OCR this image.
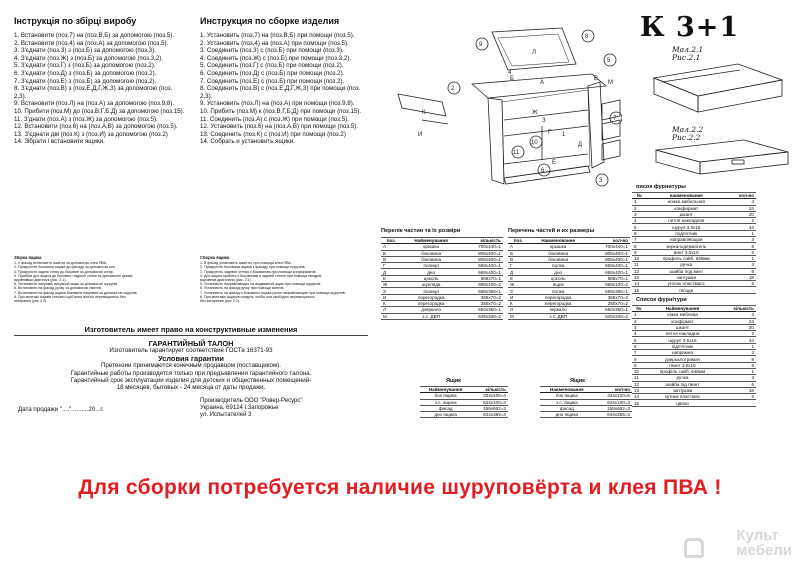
Інструкція по збірці виробу
1. Встановити (поз.7) на (поз.В,Б) за допомогою (поз.5).
2. Встановити (поз.4) на (поз.А) за допомогою (поз.5).
3. З'єднати (поз.З) з (поз.Б) за допомогою (поз.3).
4. З'єднати (поз.Ж) з (поз.Б) за допомогою (поз.3,2).
5. З'єднати (поз.Г) з (поз.Б) за допомогою (поз.2).
6. З'єднати (поз.Д) з (поз.Б) за допомогою (поз.2).
7. З'єднати (поз.Е) з (поз.Б) за допомогою (поз.2).
8. З'єднати (поз.В) з (поз.Е,Д,Г,Ж,З) за допомогою (поз.
2,3).
9. Встановити (поз.Л) на (поз.А) за допомогою (поз.9,8).
10. Прибити (поз.М) до (поз.В,Г,Б,Д) за допомогою (поз.15).
11. З'днати (поз.А) з (поз.Ж) за допомогою (поз.5).
12. Встановити (поз.6) на (поз.А,В) за допомогою (поз.5).
13. З'єднати дві (поз.К) з (поз.И) за допомогою (поз.2)
14. Зібрати і встановити ящики.
Инструкция по сборке изделия
1. Установить (поз.7) на (поз.В,Б) при помощи (поз.5).
2. Установить (поз.4) на (поз.А) при помощи (поз.5).
3. Соединить (поз.3) с (поз.Б) при помощи (поз.3).
4. Соединить (поз.Ж) с (поз.Б) при помощи (поз.3,2).
5. Соединить (поз.Г) с (поз.Б) при помощи (поз.2).
6. Соединить (поз.Д) с (поз.Б) при помощи (поз.2).
7. Соединить (поз.Е) с (поз.Б) при помощи (поз.2).
8. Соединить (поз.В) с (поз.Е,Д,Г,Ж,З) при помощи (поз.
2,3).
9. Установить (поз.Л) на (поз.А) при помощи (поз.9,8).
10. Прибить (поз.М) к (поз.В,Г,Б,Д) при помощи (поз.15).
11. Соединить (поз.А) с (поз.Ж) при помощи (поз.5).
12. Установить (поз.6) на (поз.А,В) при помощи (поз.5).
13. Соединить (поз.К) с (поз.И) при помощи (поз.2)
14. Собрать и установить ящики.
К 3+1
9
8
5
2
7
3
10
6
11
Л
А
Б	В
Ж
З
Г
Д
Е
К
И
4
М
1
Мал.2.1
Рис.2.1
Мал.2.2
Рис.2.2
Збірка ящика
1. У фасад встановити шканти за допомогою клея ПВА.
2. Прикрутити боковини ящика до фасаду за допомогою кон.
3. Прикрутити задню стінку до боковин за допомогою конф.
4. Прибити дно ящика до боковин і задньої стінки за допомогою цвяхів,
вирівнявши діагоналі (рис. 2.1).
5. Установити напрямні висувний ящик за допомогою шурупів.
6. Встановити на фасад ручку за допомогою гвинтів.
7. Встановити на фасад ящика боковини напрямні за допомогою шурупів.
8. При монтажі ящиків стежити щоб вони вільно переміщались без
затирання (рис 2.2).
Сборка ящика
1. В фасад установить шканты, при помощи клея ПВА.
2. Прикрутить боковины ящика к фасаду при помощи шурупов.
3. Прикрутить заднюю стенку к боковинам при помощи конфирматов.
4. Дно ящика прибить к боковинам и задней стенке при помощи гвоздей,
выровняв диагонали (рис. 2.1).
5. Установить направляющие на выдвижной ящик при помощи шурупов.
6. Установить на фасад ручку при помощи винтов.
7. Установить на фасад и боковины ящика ручки направляющие при помощи шурупов.
8. При монтаже ящиков следить чтобы они свободно перемещались
без затирания (рис 2.2).
Перелік частин та їх розміри
поз.	Найменування	кількість
А	кришка	700х440=1
Б	боковина	805х400=1
В	боковина	805х400=1
Г	полиця	668х400=1
Д	дно	668х400=1
Е	цоколь	668х70=1
Ж	шухляда	668х100=2
З	полиця	668х366=1
И	перегородка	366х70=2
К	перегородка	250х70=2
Л	дзеркало	550х350=1
М	з.с. ДВП	645х346=2
Перечень частей и их размеры
поз.	Наименование	кол-во
А	крышка	700х440=1
Б	боковина	805х400=1
В	боковина	805х400=1
Г	полка	668х400=1
Д	дно	668х400=1
Е	цоколь	668х70=1
Ж	ящик	668х100=2
З	полка	668х366=1
И	перегородка	366х70=2
К	перегородка	250х70=2
Л	зеркало	550х350=1
М	з.с. ДВП	645х346=2
Ящик
Найменування	кількість
бок ящика	334х100=4
з.с. ящика	644х100=3
фасад	158х662=3
дно ящика	644х355=3
Ящик
Наименование	кол-во
бок ящика	334х100=6
з.с. ящика	644х100=3
фасад	158х662=3
дно ящика	644х355=3
писок фурнитуры
№	наименование	кол-во
1	ножка мебельная	4
2	конфирмат	24
3	шкант	20
4	петля накладная	2
5	шуруп 3,5х16	44
6	подпятник	1
7	направляющая	3
8	зеркалодержатель	6
9	винт 3,0х15	6
10	профиль сайб. 648мм	1
11	ручка	3
12	шайба под винт	6
13	заглушки	18
14	уголок пластмасс	6
15	гвозди	-
Список фурнітури
№	Найменування	кількість
1	ніжка меблева	4
2	конфірмат	24
3	шкант	20
4	петля накладна	2
5	шуруп 3,5х16	44
6	підп'ятник	1
7	напрямна	3
8	дзеркалотримач	6
9	гвинт 3,0х15	6
10	профіль сайб. 648мм	1
11	ручка	3
12	шайба під гвинт	6
13	заглушки	18
14	кутник пластмас	6
15	цвяхи	-
Изготовитель имеет право на конструктивные изменения
ГАРАНТИЙНЫЙ ТАЛОН
Изготовитель гарантирует соответствие ГОСТа 16371-93
Условия гарантии
Претензии принимаются конечным продавцом (поставщиком).
Гарантийные работы производятся только при предъявлении гарантийного талона.
Гарантийный срок эксплуатации изделия для детских и общественных помещений-
18 месяцев, бытовых - 24 месяца от даты продажи.
Дата продажи "...."..........20...г.
Производитель ООО "Ровер-Ресурс"
Украина, 69124 г.Запорожье
ул. Испытателей 3
Для сборки потребуется наличие шуруповёрта и клея ПВА !
Культ
мебели
